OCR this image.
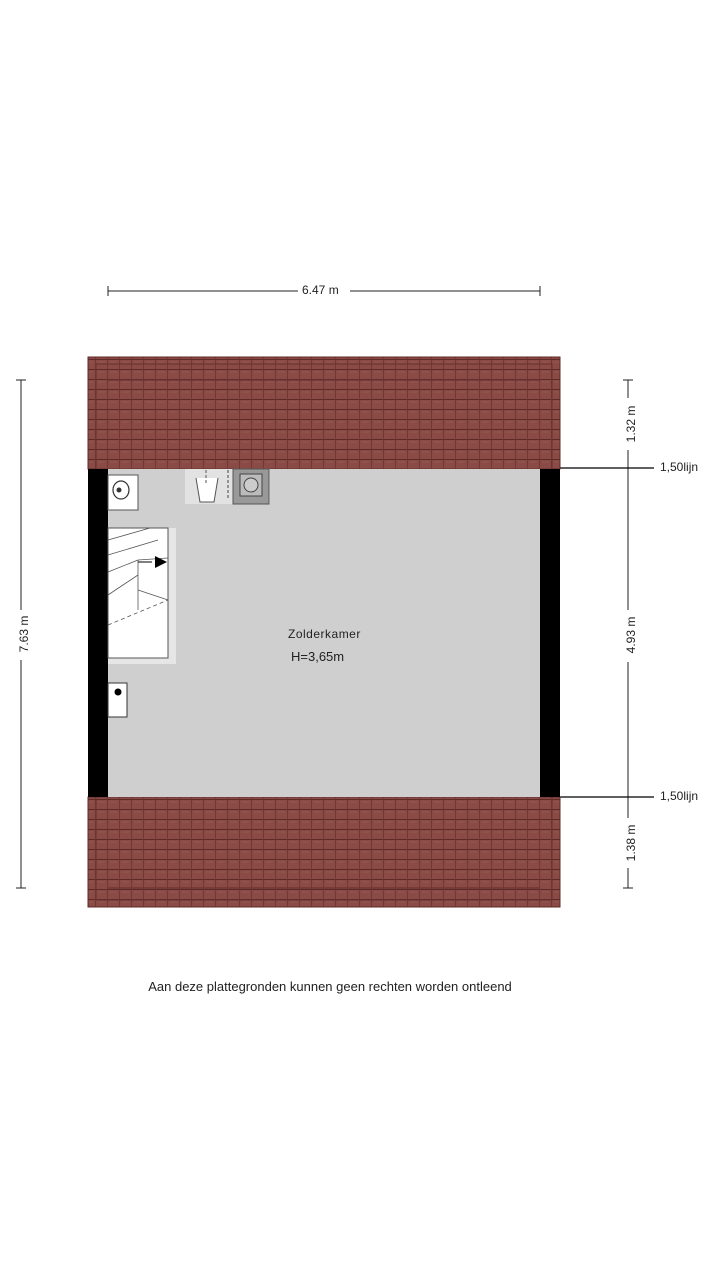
6.47 m
7.63 m
1.32 m
4.93 m
1.38 m
1,50lijn
1,50lijn
Zolderkamer
H=3,65m
Aan deze plattegronden kunnen geen rechten worden ontleend
